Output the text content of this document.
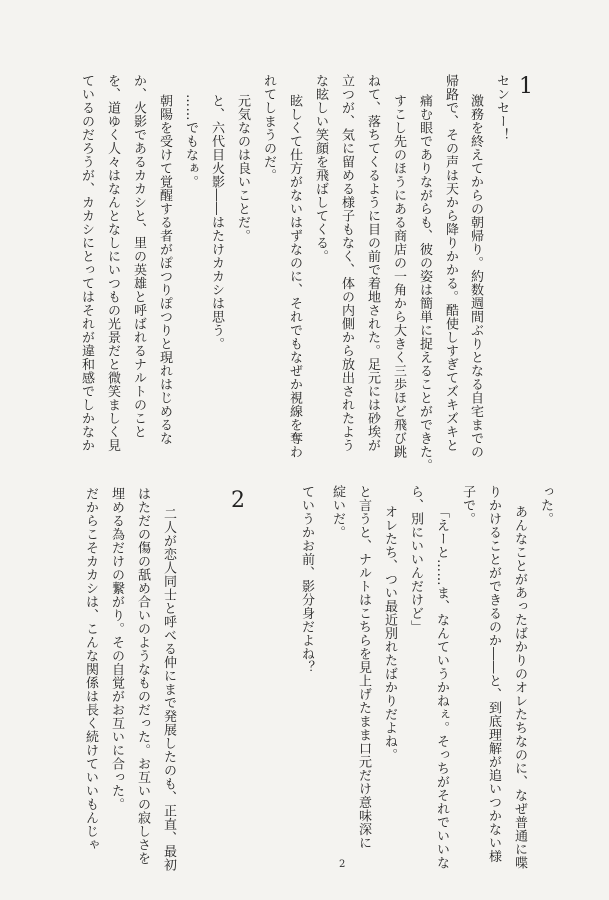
1
センセー！
激務を終えてからの朝帰り。約数週間ぶりとなる自宅までの
帰路で、その声は天から降りかかる。酷使しすぎてズキズキと
痛む眼でありながらも、彼の姿は簡単に捉えることができた。
すこし先のほうにある商店の一角から大きく三歩ほど飛び跳
ねて、落ちてくるように目の前で着地された。足元には砂埃が
立つが、気に留める様子もなく、体の内側から放出されたよう
な眩しい笑顔を飛ばしてくる。
眩しくて仕方がないはずなのに、それでもなぜか視線を奪わ
れてしまうのだ。
元気なのは良いことだ。
と、六代目火影――はたけカカシは思う。
……でもなぁ。
朝陽を受けて覚醒する者がぽつりぽつりと現れはじめるな
か、火影であるカカシと、里の英雄と呼ばれるナルトのこと
を、道ゆく人々はなんとなしにいつもの光景だと微笑ましく見
ているのだろうが、カカシにとってはそれが違和感でしかなか
った。
あんなことがあったばかりのオレたちなのに、なぜ普通に喋
りかけることができるのか――と、到底理解が追いつかない様
子で。
「えーと……ま、なんていうかねぇ。そっちがそれでいいな
ら、別にいいんだけど」
オレたち、つい最近別れたばかりだよね。
と言うと、ナルトはこちらを見上げたまま口元だけ意味深に
綻いだ。
ていうかお前、影分身だよね？
2
二人が恋人同士と呼べる仲にまで発展したのも、正直、最初
はただの傷の舐め合いのようなものだった。お互いの寂しさを
埋める為だけの繋がり。その自覚がお互いに合った。
だからこそカカシは、こんな関係は長く続けていいもんじゃ
2
